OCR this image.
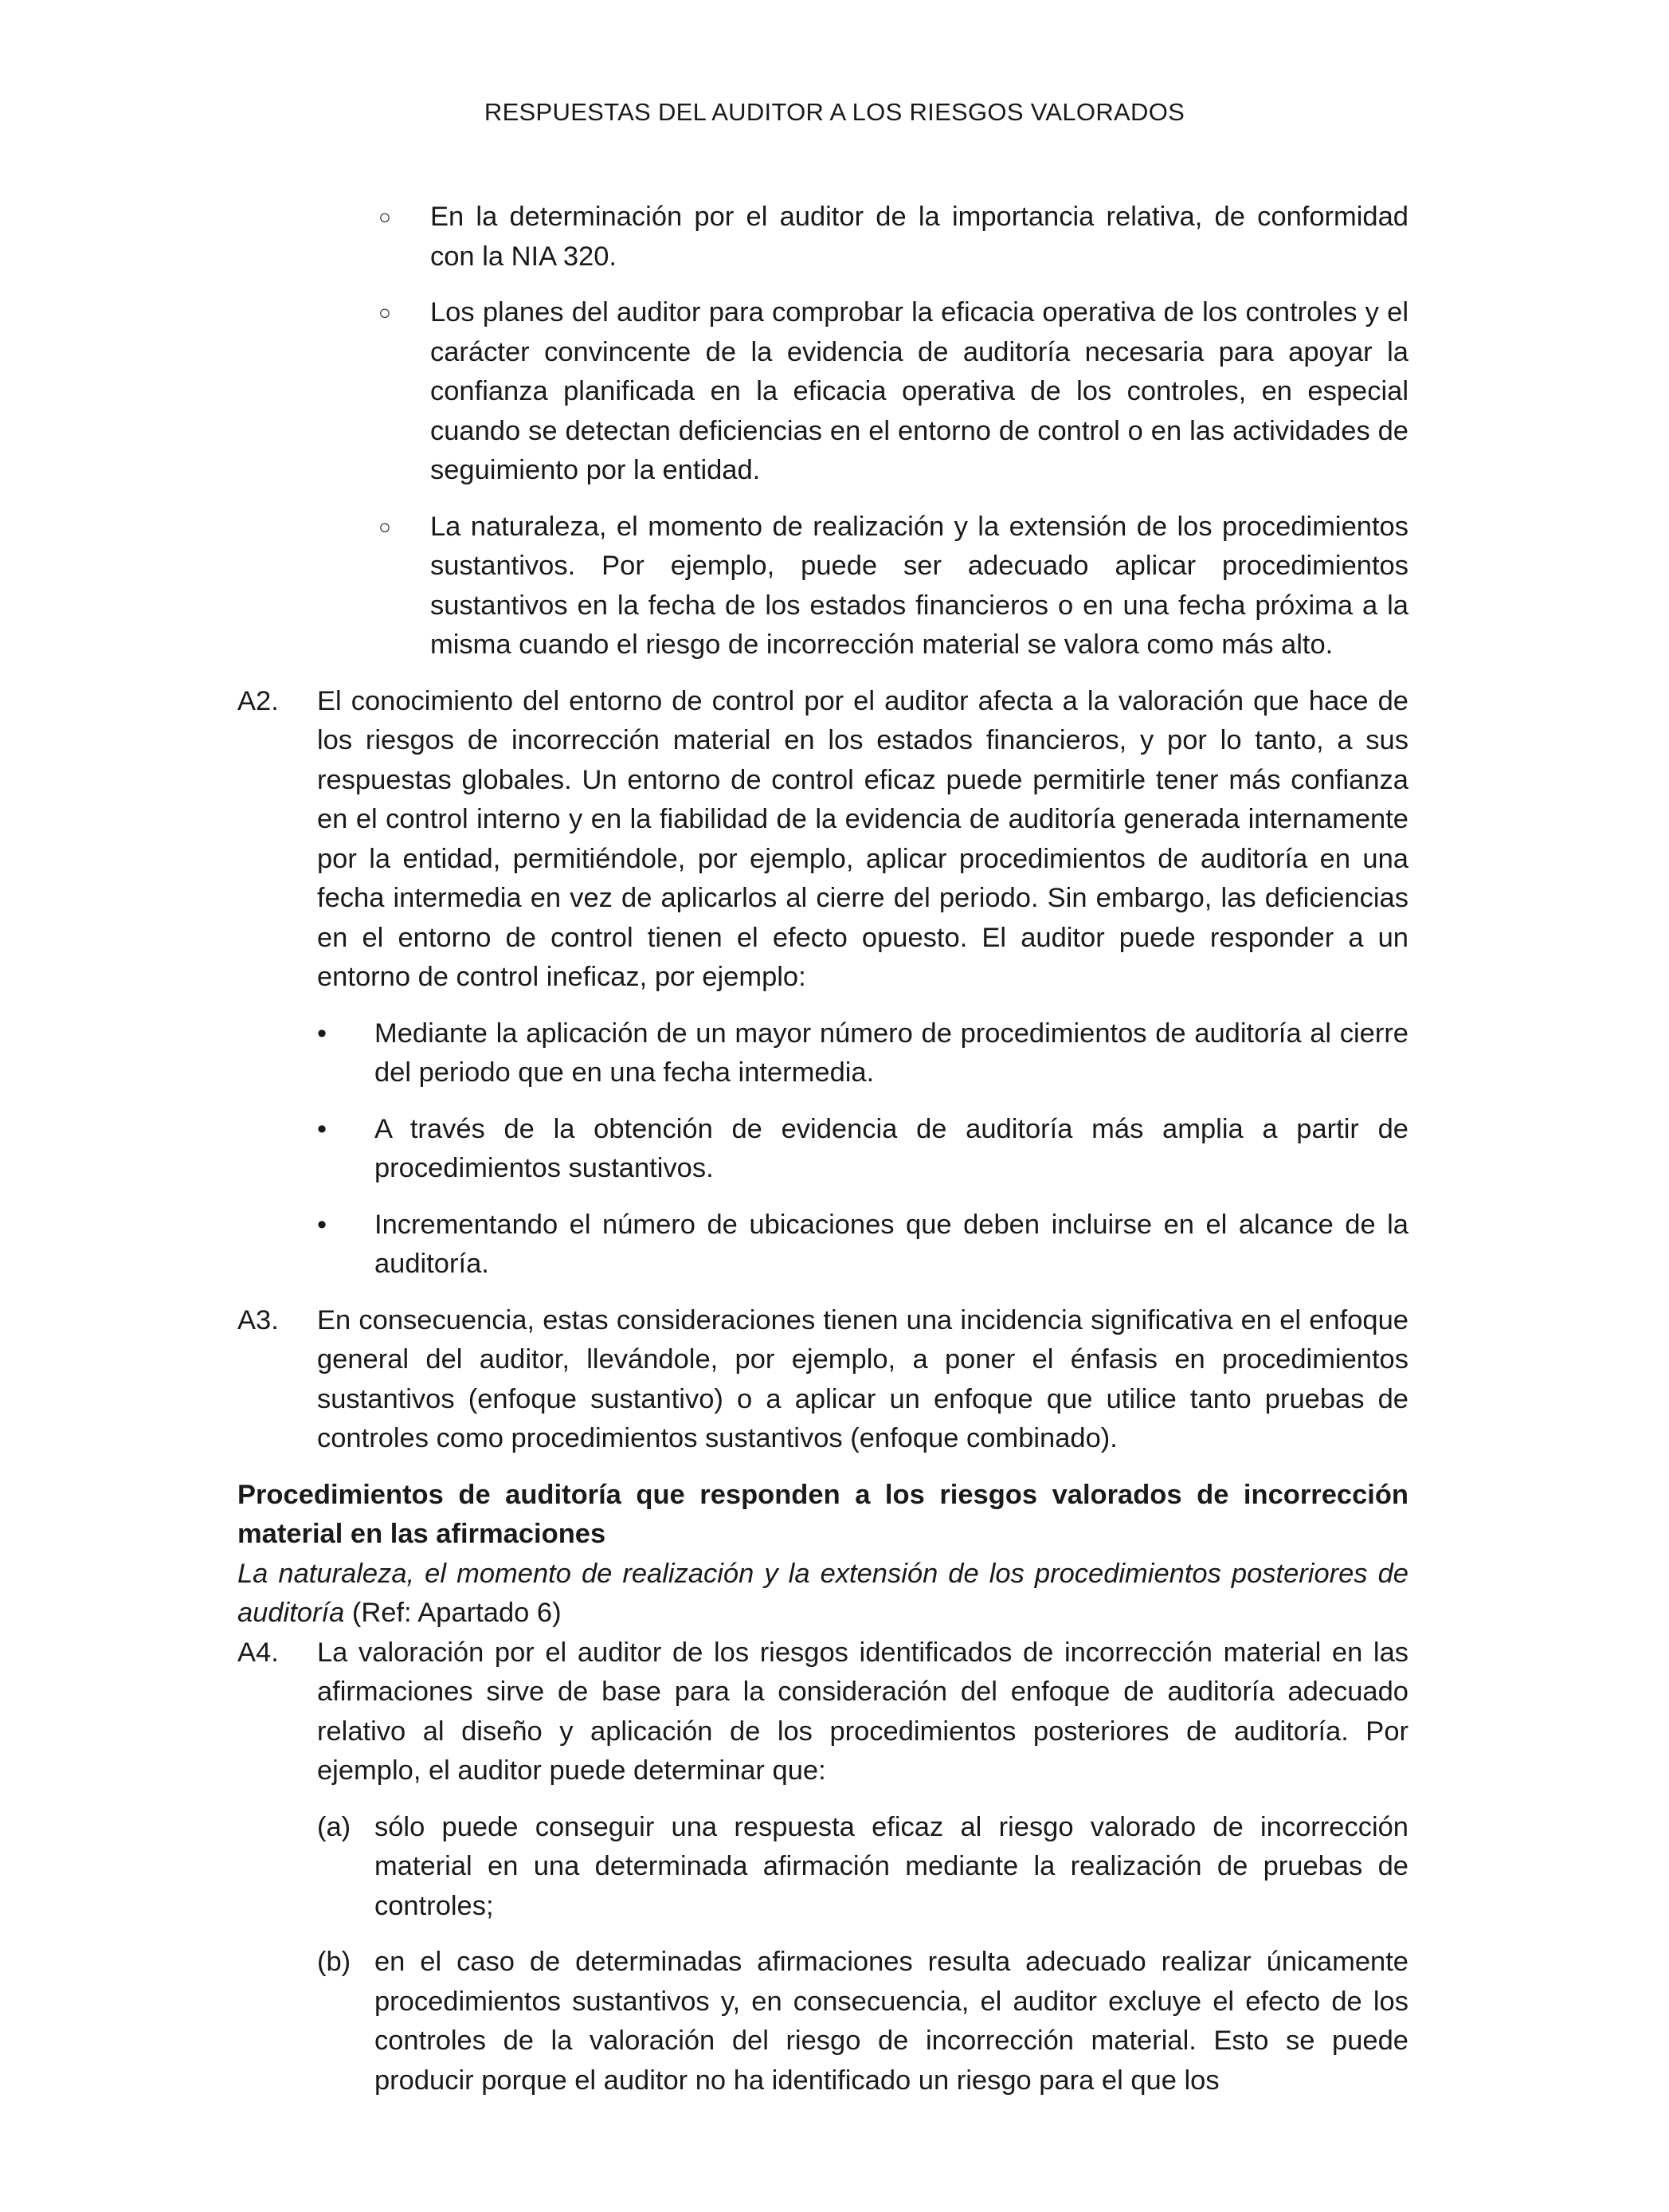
RESPUESTAS DEL AUDITOR A LOS RIESGOS VALORADOS
○ En la determinación por el auditor de la importancia relativa, de conformidad con la NIA 320.

○ Los planes del auditor para comprobar la eficacia operativa de los controles y el carácter convincente de la evidencia de auditoría necesaria para apoyar la confianza planificada en la eficacia operativa de los controles, en especial cuando se detectan deficiencias en el entorno de control o en las actividades de seguimiento por la entidad.

○ La naturaleza, el momento de realización y la extensión de los procedimientos sustantivos. Por ejemplo, puede ser adecuado aplicar procedimientos sustantivos en la fecha de los estados financieros o en una fecha próxima a la misma cuando el riesgo de incorrección material se valora como más alto.

A2. El conocimiento del entorno de control por el auditor afecta a la valoración que hace de los riesgos de incorrección material en los estados financieros, y por lo tanto, a sus respuestas globales. Un entorno de control eficaz puede permitirle tener más confianza en el control interno y en la fiabilidad de la evidencia de auditoría generada internamente por la entidad, permitiéndole, por ejemplo, aplicar procedimientos de auditoría en una fecha intermedia en vez de aplicarlos al cierre del periodo. Sin embargo, las deficiencias en el entorno de control tienen el efecto opuesto. El auditor puede responder a un entorno de control ineficaz, por ejemplo:

• Mediante la aplicación de un mayor número de procedimientos de auditoría al cierre del periodo que en una fecha intermedia.

• A través de la obtención de evidencia de auditoría más amplia a partir de procedimientos sustantivos.

• Incrementando el número de ubicaciones que deben incluirse en el alcance de la auditoría.

A3. En consecuencia, estas consideraciones tienen una incidencia significativa en el enfoque general del auditor, llevándole, por ejemplo, a poner el énfasis en procedimientos sustantivos (enfoque sustantivo) o a aplicar un enfoque que utilice tanto pruebas de controles como procedimientos sustantivos (enfoque combinado).

Procedimientos de auditoría que responden a los riesgos valorados de incorrección material en las afirmaciones

La naturaleza, el momento de realización y la extensión de los procedimientos posteriores de auditoría (Ref: Apartado 6)

A4. La valoración por el auditor de los riesgos identificados de incorrección material en las afirmaciones sirve de base para la consideración del enfoque de auditoría adecuado relativo al diseño y aplicación de los procedimientos posteriores de auditoría. Por ejemplo, el auditor puede determinar que:

(a) sólo puede conseguir una respuesta eficaz al riesgo valorado de incorrección material en una determinada afirmación mediante la realización de pruebas de controles;

(b) en el caso de determinadas afirmaciones resulta adecuado realizar únicamente procedimientos sustantivos y, en consecuencia, el auditor excluye el efecto de los controles de la valoración del riesgo de incorrección material. Esto se puede producir porque el auditor no ha identificado un riesgo para el que los
